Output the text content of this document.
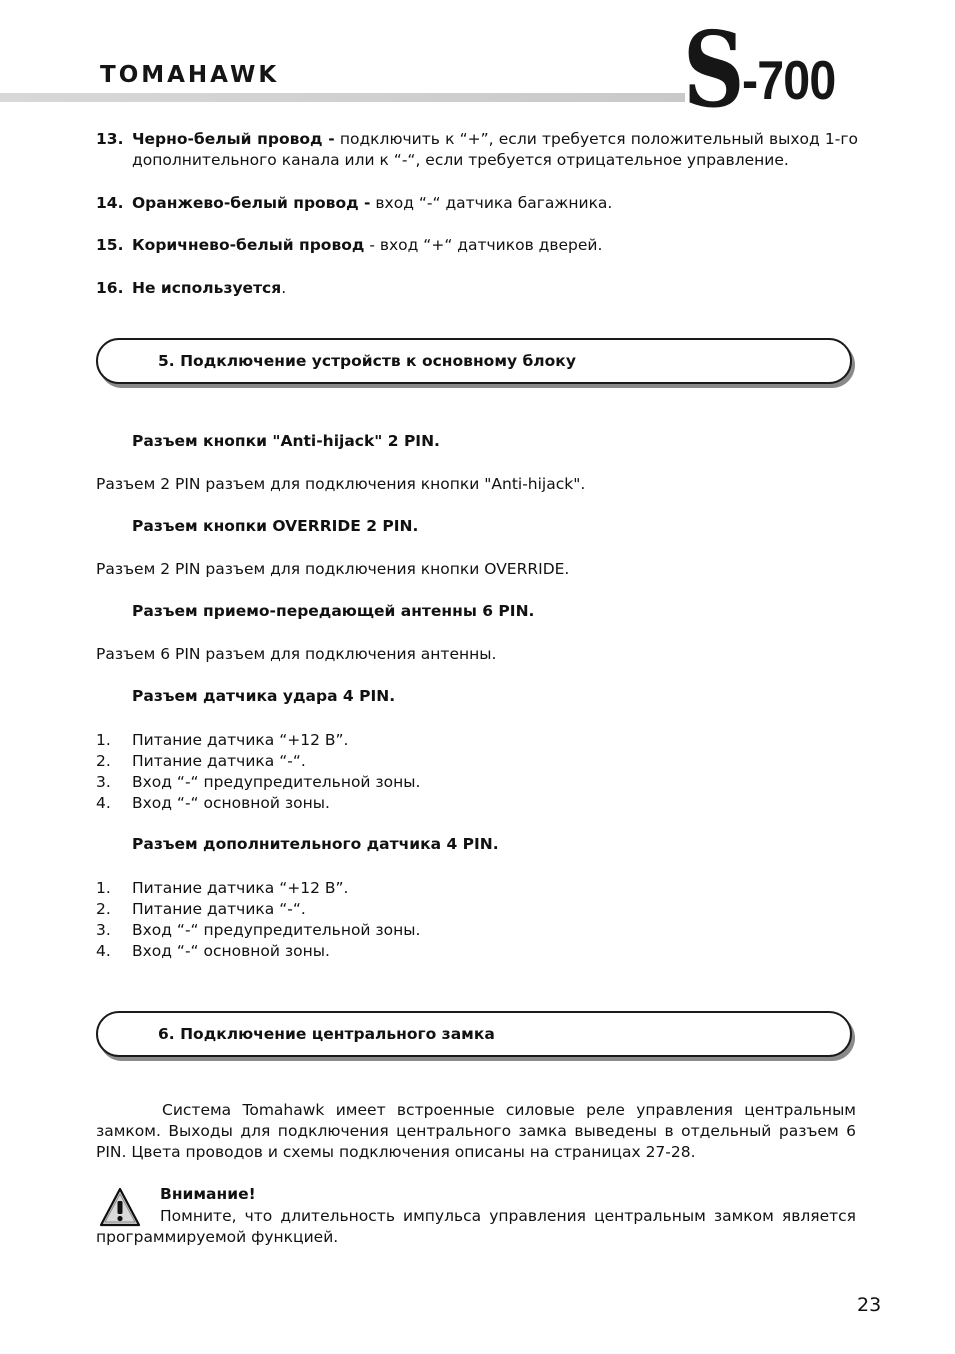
TOMAHAWK	S
-700
13. Черно-белый провод - подключить к “+”, если требуется положительный выход 1-го дополнительного канала или к “-“, если требуется отрицательное управление.
14. Оранжево-белый провод - вход “-“ датчика багажника.
15. Коричнево-белый провод - вход “+“ датчиков дверей.
16. Не используется.
5. Подключение устройств к основному блоку
Разъем кнопки "Anti-hijack" 2 PIN.
Разъем 2 PIN разъем для подключения кнопки "Anti-hijack".
Разъем кнопки OVERRIDE 2 PIN.
Разъем 2 PIN разъем для подключения кнопки OVERRIDE.
Разъем приемо-передающей антенны 6 PIN.
Разъем 6 PIN разъем для подключения антенны.
Разъем датчика удара 4 PIN.
1. Питание датчика “+12 В”.
2. Питание датчика “-“.
3. Вход “-“ предупредительной зоны.
4. Вход “-“ основной зоны.
Разъем дополнительного датчика 4 PIN.
1. Питание датчика “+12 В”.
2. Питание датчика “-“.
3. Вход “-“ предупредительной зоны.
4. Вход “-“ основной зоны.
6. Подключение центрального замка
Система Tomahawk имеет встроенные силовые реле управления центральным замком. Выходы для подключения центрального замка выведены в отдельный разъем 6 PIN. Цвета проводов и схемы подключения описаны на страницах 27-28.
Внимание!
Помните, что длительность импульса управления центральным замком является программируемой функцией.
23
